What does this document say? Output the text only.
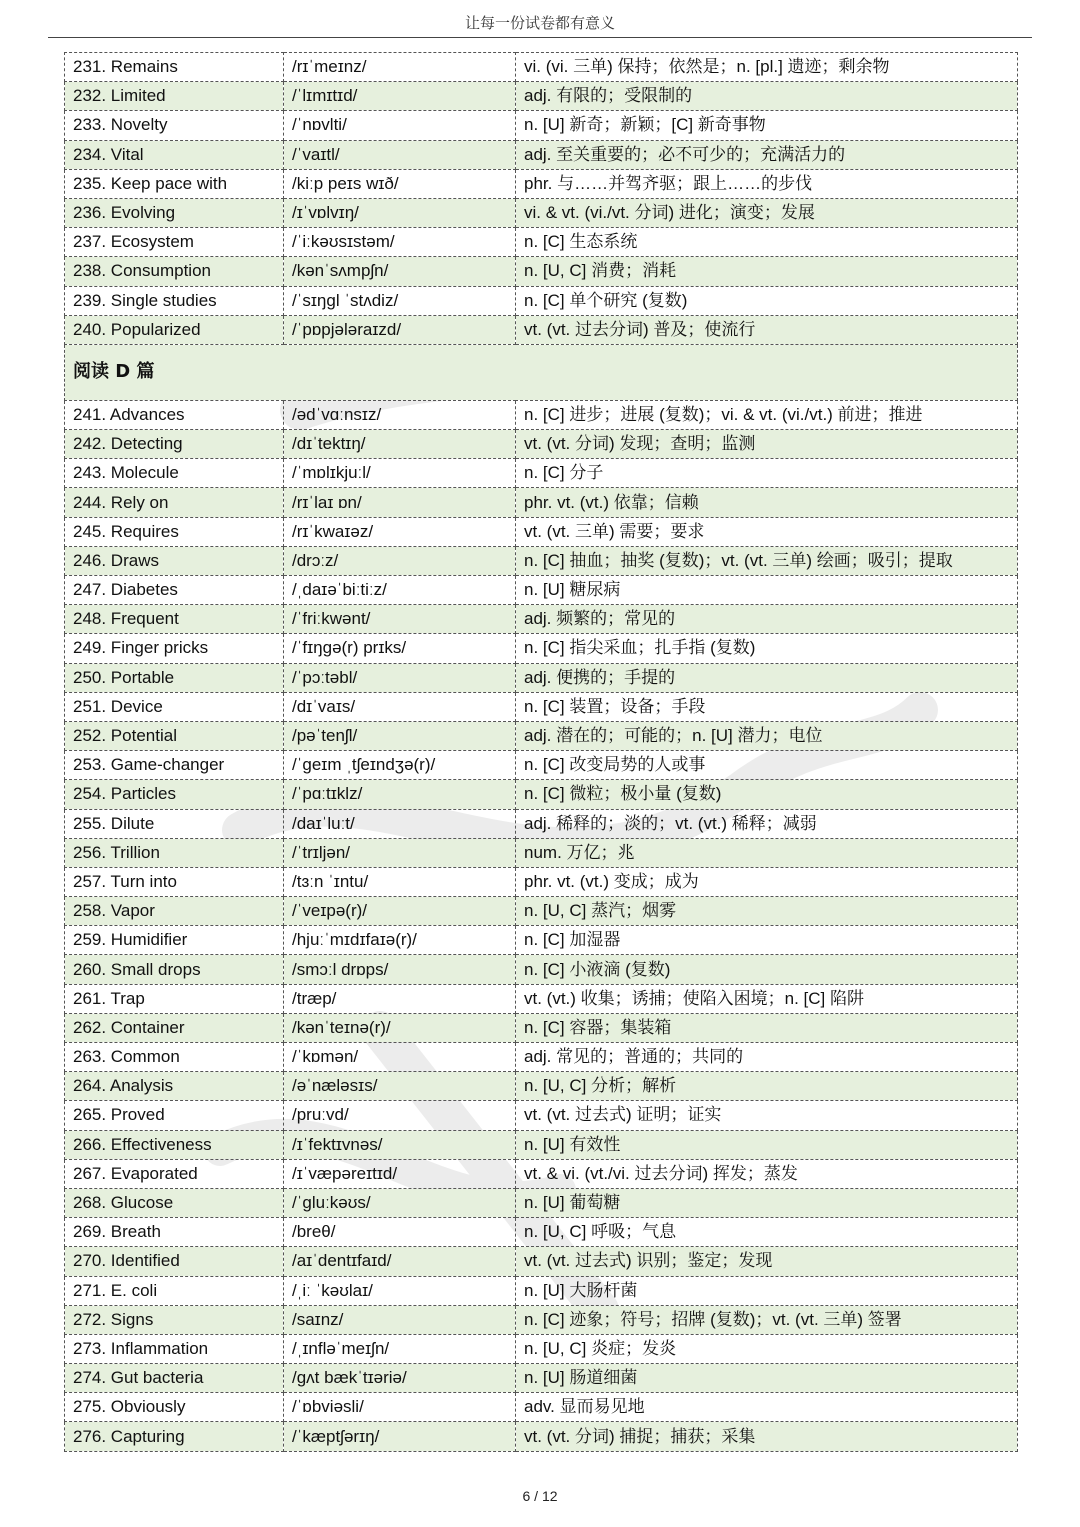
让每一份试卷都有意义
231. Remains	/rɪˈmeɪnz/	vi. (vi. 三单) 保持；依然是；n. [pl.] 遗迹；剩余物
232. Limited	/ˈlɪmɪtɪd/	adj. 有限的；受限制的
233. Novelty	/ˈnɒvlti/	n. [U] 新奇；新颖；[C] 新奇事物
234. Vital	/ˈvaɪtl/	adj. 至关重要的；必不可少的；充满活力的
235. Keep pace with	/kiːp peɪs wɪð/	phr. 与……并驾齐驱；跟上……的步伐
236. Evolving	/ɪˈvɒlvɪŋ/	vi. & vt. (vi./vt. 分词) 进化；演变；发展
237. Ecosystem	/ˈiːkəʊsɪstəm/	n. [C] 生态系统
238. Consumption	/kənˈsʌmpʃn/	n. [U, C] 消费；消耗
239. Single studies	/ˈsɪŋgl ˈstʌdiz/	n. [C] 单个研究 (复数)
240. Popularized	/ˈpɒpjələraɪzd/	vt. (vt. 过去分词) 普及；使流行
阅读 D 篇		
241. Advances	/ədˈvɑːnsɪz/	n. [C] 进步；进展 (复数)；vi. & vt. (vi./vt.) 前进；推进
242. Detecting	/dɪˈtektɪŋ/	vt. (vt. 分词) 发现；查明；监测
243. Molecule	/ˈmɒlɪkjuːl/	n. [C] 分子
244. Rely on	/rɪˈlaɪ ɒn/	phr. vt. (vt.) 依靠；信赖
245. Requires	/rɪˈkwaɪəz/	vt. (vt. 三单) 需要；要求
246. Draws	/drɔːz/	n. [C] 抽血；抽奖 (复数)；vt. (vt. 三单) 绘画；吸引；提取
247. Diabetes	/ˌdaɪəˈbiːtiːz/	n. [U] 糖尿病
248. Frequent	/ˈfriːkwənt/	adj. 频繁的；常见的
249. Finger pricks	/ˈfɪŋgə(r) prɪks/	n. [C] 指尖采血；扎手指 (复数)
250. Portable	/ˈpɔːtəbl/	adj. 便携的；手提的
251. Device	/dɪˈvaɪs/	n. [C] 装置；设备；手段
252. Potential	/pəˈtenʃl/	adj. 潜在的；可能的；n. [U] 潜力；电位
253. Game-changer	/ˈɡeɪm ˌtʃeɪndʒə(r)/	n. [C] 改变局势的人或事
254. Particles	/ˈpɑːtɪklz/	n. [C] 微粒；极小量 (复数)
255. Dilute	/daɪˈluːt/	adj. 稀释的；淡的；vt. (vt.) 稀释；减弱
256. Trillion	/ˈtrɪljən/	num. 万亿；兆
257. Turn into	/tɜːn ˈɪntu/	phr. vt. (vt.) 变成；成为
258. Vapor	/ˈveɪpə(r)/	n. [U, C] 蒸汽；烟雾
259. Humidifier	/hjuːˈmɪdɪfaɪə(r)/	n. [C] 加湿器
260. Small drops	/smɔːl drɒps/	n. [C] 小液滴 (复数)
261. Trap	/træp/	vt. (vt.) 收集；诱捕；使陷入困境；n. [C] 陷阱
262. Container	/kənˈteɪnə(r)/	n. [C] 容器；集装箱
263. Common	/ˈkɒmən/	adj. 常见的；普通的；共同的
264. Analysis	/əˈnæləsɪs/	n. [U, C] 分析；解析
265. Proved	/pruːvd/	vt. (vt. 过去式) 证明；证实
266. Effectiveness	/ɪˈfektɪvnəs/	n. [U] 有效性
267. Evaporated	/ɪˈvæpəreɪtɪd/	vt. & vi. (vt./vi. 过去分词) 挥发；蒸发
268. Glucose	/ˈɡluːkəʊs/	n. [U] 葡萄糖
269. Breath	/breθ/	n. [U, C] 呼吸；气息
270. Identified	/aɪˈdentɪfaɪd/	vt. (vt. 过去式) 识别；鉴定；发现
271. E. coli	/ˌiː ˈkəʊlaɪ/	n. [U] 大肠杆菌
272. Signs	/saɪnz/	n. [C] 迹象；符号；招牌 (复数)；vt. (vt. 三单) 签署
273. Inflammation	/ˌɪnfləˈmeɪʃn/	n. [U, C] 炎症；发炎
274. Gut bacteria	/ɡʌt bækˈtɪəriə/	n. [U] 肠道细菌
275. Obviously	/ˈɒbviəsli/	adv. 显而易见地
276. Capturing	/ˈkæptʃərɪŋ/	vt. (vt. 分词) 捕捉；捕获；采集
6 / 12
